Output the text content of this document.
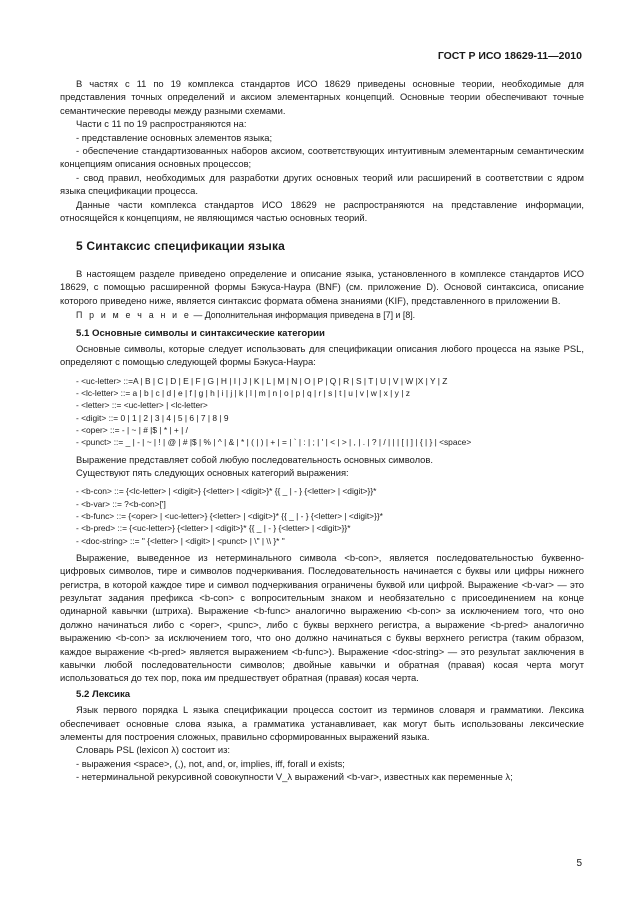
ГОСТ Р ИСО 18629-11—2010

В частях с 11 по 19 комплекса стандартов ИСО 18629 приведены основные теории, необходимые для представления точных определений и аксиом элементарных концепций. Основные теории обеспечивают точные семантические переводы между разными схемами.

Части с 11 по 19 распространяются на:

- представление основных элементов языка;

- обеспечение стандартизованных наборов аксиом, соответствующих интуитивным элементарным семантическим концепциям описания основных процессов;

- свод правил, необходимых для разработки других основных теорий или расширений в соответствии с ядром языка спецификации процесса.

Данные части комплекса стандартов ИСО 18629 не распространяются на представление информации, относящейся к концепциям, не являющимся частью основных теорий.

5 Синтаксис спецификации языка

В настоящем разделе приведено определение и описание языка, установленного в комплексе стандартов ИСО 18629, с помощью расширенной формы Бэкуса-Наура (BNF) (см. приложение D). Основой синтаксиса, описание которого приведено ниже, является синтаксис формата обмена знаниями (KIF), представленного в приложении В.

П р и м е ч а н и е — Дополнительная информация приведена в [7] и [8].

5.1 Основные символы и синтаксические категории

Основные символы, которые следует использовать для спецификации описания любого процесса на языке PSL, определяют с помощью следующей формы Бэкуса-Наура:

- <uc-letter> ::=A | B | C | D | E | F | G | H | I | J | K | L | M | N | O | P | Q | R | S | T | U | V | W |X | Y | Z
- <lc-letter> ::= a | b | c | d | e | f | g | h | i | j | k | l | m | n | o | p | q | r | s | t | u | v | w | x | y | z
- <letter> ::= <uc-letter> | <lc-letter>
- <digit> ::= 0 | 1 | 2 | 3 | 4 | 5 | 6 | 7 | 8 | 9
- <oper> ::= - | ~ | # |$ | * | + | /
- <punct> ::= _ | - | ~ | ! | @ | # |$ | % | ^ | & | * | ( | ) | + | = | ` | : | ; | ' | < | > | , | . | ? | / | | | [ | ] | { | } | <space>

Выражение представляет собой любую последовательность основных символов.

Существуют пять следующих основных категорий выражения:

- <b-con> ::= {<lc-letter> | <digit>} {<letter> | <digit>}* {{ _ | - } {<letter> | <digit>}}*
- <b-var> ::= ?<b-con>[']
- <b-func> ::= {<oper> | <uc-letter>} {<letter> | <digit>}* {{ _ | - } {<letter> | <digit>}}*
- <b-pred> ::= {<uc-letter>} {<letter> | <digit>}* {{ _ | - } {<letter> | <digit>}}*
- <doc-string> ::= " {<letter> | <digit> | <punct> | \" | \\ }* "

Выражение, выведенное из нетерминального символа <b-con>, является последовательностью буквенно-цифровых символов, тире и символов подчеркивания. Последовательность начинается с буквы или цифры нижнего регистра, в которой каждое тире и символ подчеркивания ограничены буквой или цифрой. Выражение <b-var> — это результат задания префикса <b-con> с вопросительным знаком и необязательно с присоединением на конце одинарной кавычки (штриха). Выражение <b-func> аналогично выражению <b-con> за исключением того, что оно должно начинаться либо с <oper>, <punc>, либо с буквы верхнего регистра, а выражение <b-pred> аналогично выражению <b-con> за исключением того, что оно должно начинаться с буквы верхнего регистра (таким образом, каждое выражение <b-pred> является выражением <b-func>). Выражение <doc-string> — это результат заключения в кавычки любой последовательности символов; двойные кавычки и обратная (правая) косая черта могут использоваться до тех пор, пока им предшествует обратная (правая) косая черта.

5.2 Лексика

Язык первого порядка L языка спецификации процесса состоит из терминов словаря и грамматики. Лексика обеспечивает основные слова языка, а грамматика устанавливает, как могут быть использованы лексические элементы для построения сложных, правильно сформированных выражений языка.

Словарь PSL (lexicon λ) состоит из:

- выражения <space>, (,), not, and, or, implies, iff, forall и exists;

- нетерминальной рекурсивной совокупности V_λ выражений <b-var>, известных как переменные λ;

5
